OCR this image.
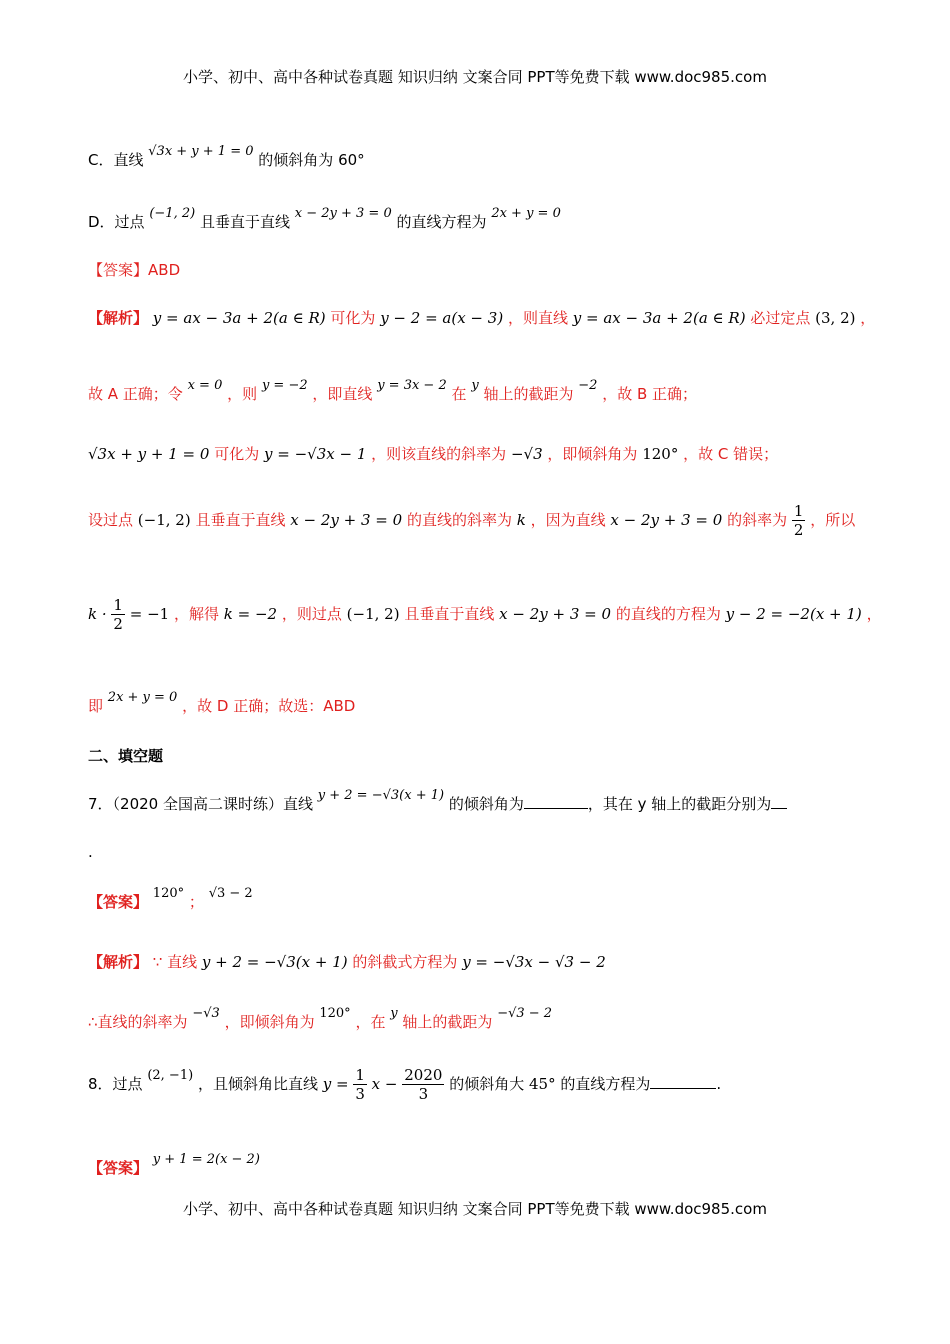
小学、初中、高中各种试卷真题 知识归纳 文案合同 PPT等免费下载 www.doc985.com
C．直线 √3x + y + 1 = 0 的倾斜角为 60°
D．过点 (−1, 2) 且垂直于直线 x − 2y + 3 = 0 的直线方程为 2x + y = 0
【答案】ABD
【解析】 y = ax − 3a + 2(a ∈ R) 可化为 y − 2 = a(x − 3) ，则直线 y = ax − 3a + 2(a ∈ R) 必过定点 (3, 2) ，
故 A 正确；令 x = 0 ，则 y = −2 ，即直线 y = 3x − 2 在 y 轴上的截距为 −2 ，故 B 正确；
√3x + y + 1 = 0 可化为 y = −√3x − 1 ，则该直线的斜率为 −√3 ，即倾斜角为 120° ，故 C 错误；
设过点 (−1, 2) 且垂直于直线 x − 2y + 3 = 0 的直线的斜率为 k ，因为直线 x − 2y + 3 = 0 的斜率为 $\frac{1}{2}$ ，所以
$k \cdot \frac{1}{2} = -1$ ，解得 k = −2 ，则过点 (−1, 2) 且垂直于直线 x − 2y + 3 = 0 的直线的方程为 y − 2 = −2(x + 1) ，
即 2x + y = 0 ，故 D 正确；故选：ABD
二、填空题
7．（2020 全国高二课时练）直线 y + 2 = −√3(x + 1) 的倾斜角为	，其在 y 轴上的截距分别为
.
【答案】 120° ； √3 − 2
【解析】 ∵ 直线 y + 2 = −√3(x + 1) 的斜截式方程为 y = −√3x − √3 − 2
∴直线的斜率为 −√3 ，即倾斜角为 120° ，在 y 轴上的截距为 −√3 − 2
8．过点 (2, −1) ，且倾斜角比直线 $y = \frac{1}{3}$ $x - \frac{2020}{3}$ 的倾斜角大 45° 的直线方程为	.
【答案】 y + 1 = 2(x − 2)
小学、初中、高中各种试卷真题 知识归纳 文案合同 PPT等免费下载 www.doc985.com
